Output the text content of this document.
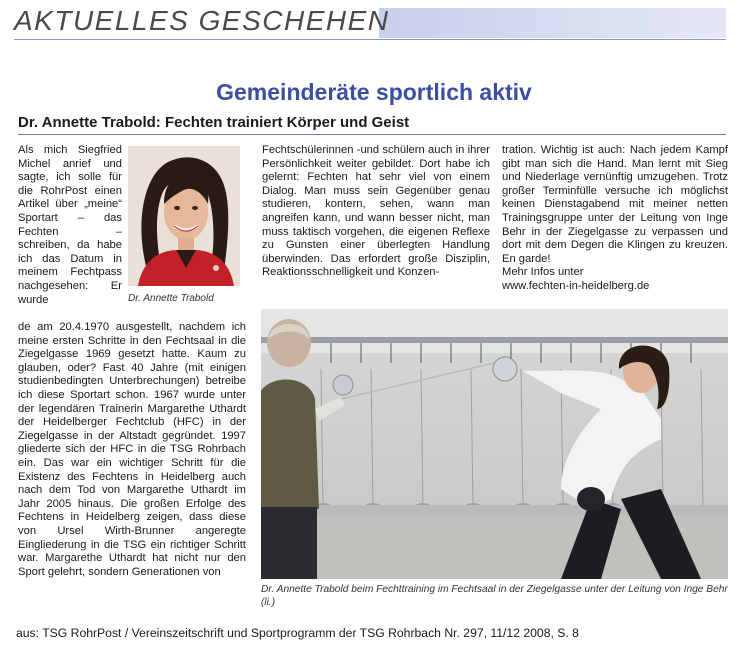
AKTUELLES GESCHEHEN
Gemeinderäte sportlich aktiv
Dr. Annette Trabold: Fechten trainiert Körper und Geist

Als mich Siegfried Michel anrief und sagte, ich solle für die RohrPost einen Artikel über „meine“ Sportart – das Fechten – schreiben, da habe ich das Datum in meinem Fechtpass nachgesehen: Er wurde	Dr. Annette Trabold

de am 20.4.1970 ausgestellt, nachdem ich meine ersten Schritte in den Fechtsaal in die Ziegelgasse 1969 gesetzt hatte. Kaum zu glauben, oder? Fast 40 Jahre (mit einigen studienbedingten Unterbrechungen) betreibe ich diese Sportart schon. 1967 wurde unter der legendären Trainerin Margarethe Uthardt der Heidelberger Fechtclub (HFC) in der Ziegelgasse in der Altstadt gegründet. 1997 gliederte sich der HFC in die TSG Rohrbach ein. Das war ein wichtiger Schritt für die Existenz des Fechtens in Heidelberg auch nach dem Tod von Margarethe Uthardt im Jahr 2005 hinaus. Die großen Erfolge des Fechtens in Heidelberg zeigen, dass diese von Ursel Wirth-Brunner angeregte Eingliederung in die TSG ein richtiger Schritt war. Margarethe Uthardt hat nicht nur den Sport gelehrt, sondern Generationen von

Fechtschülerinnen -und schülern auch in ihrer Persönlichkeit weiter gebildet. Dort habe ich gelernt: Fechten hat sehr viel von einem Dialog. Man muss sein Gegenüber genau studieren, kontern, sehen, wann man angreifen kann, und wann besser nicht, man muss taktisch vorgehen, die eigenen Reflexe zu Gunsten einer überlegten Handlung überwinden. Das erfordert große Disziplin, Reaktionsschnelligkeit und Konzen-

tration. Wichtig ist auch: Nach jedem Kampf gibt man sich die Hand. Man lernt mit Sieg und Niederlage vernünftig umzugehen. Trotz großer Terminfülle versuche ich möglichst keinen Dienstagabend mit meiner netten Trainingsgruppe unter der Leitung von Inge Behr in der Ziegelgasse zu verpassen und dort mit dem Degen die Klingen zu kreuzen. En garde!

Mehr Infos unter
www.fechten-in-heidelberg.de
Dr. Annette Trabold beim Fechttraining im Fechtsaal in der Ziegelgasse unter der Leitung von Inge Behr (li.)
aus: TSG RohrPost / Vereinszeitschrift und Sportprogramm der TSG Rohrbach Nr. 297, 11/12 2008, S. 8
